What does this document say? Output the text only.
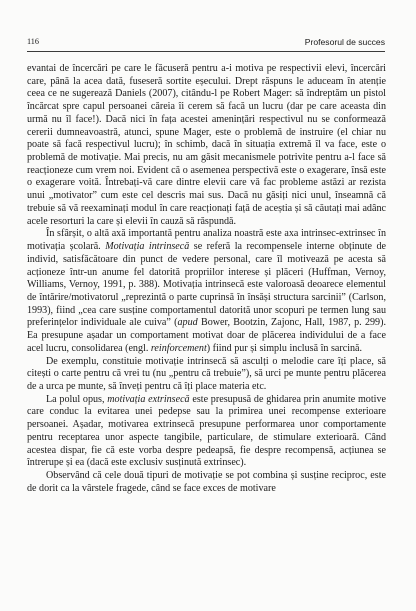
116	Profesorul de succes

evantai de încercări pe care le făcuseră pentru a-i motiva pe respectivii elevi, încercări care, până la acea dată, fuseseră sortite eșecului. Drept răspuns le aduceam în atenție ceea ce ne sugerează Daniels (2007), citându-l pe Robert Mager: să îndreptăm un pistol încărcat spre capul persoanei căreia îi cerem să facă un lucru (dar pe care aceasta din urmă nu îl face!). Dacă nici în fața acestei amenințări respectivul nu se conformează cererii dumneavoastră, atunci, spune Mager, este o problemă de instruire (el chiar nu poate să facă respectivul lucru); în schimb, dacă în situația extremă îl va face, este o problemă de motivație. Mai precis, nu am găsit mecanismele potrivite pentru a-l face să reacționeze cum vrem noi. Evident că o asemenea perspectivă este o exagerare, însă este o exagerare voită. Întrebați-vă care dintre elevii care vă fac probleme astăzi ar rezista unui „motivator” cum este cel descris mai sus. Dacă nu găsiți nici unul, înseamnă că trebuie să vă reexaminați modul în care reacționați față de aceștia și să căutați mai adânc acele resorturi la care și elevii în cauză să răspundă.

În sfârșit, o altă axă importantă pentru analiza noastră este axa intrinsec-extrinsec în motivația școlară. Motivația intrinsecă se referă la recompensele interne obținute de individ, satisfăcătoare din punct de vedere personal, care îl motivează pe acesta să acționeze într-un anume fel datorită propriilor interese și plăceri (Huffman, Vernoy, Williams, Vernoy, 1991, p. 388). Motivația intrinsecă este valoroasă deoarece elementul de întărire/motivatorul „reprezintă o parte cuprinsă în însăși structura sarcinii” (Carlson, 1993), fiind „cea care susține comportamentul datorită unor scopuri pe termen lung sau preferințelor individuale ale cuiva” (apud Bower, Bootzin, Zajonc, Hall, 1987, p. 299). Ea presupune așadar un comportament motivat doar de plăcerea individului de a face acel lucru, consolidarea (engl. reinforcement) fiind pur și simplu inclusă în sarcină.

De exemplu, constituie motivație intrinsecă să asculți o melodie care îți place, să citești o carte pentru că vrei tu (nu „pentru că trebuie”), să urci pe munte pentru plăcerea de a urca pe munte, să înveți pentru că îți place materia etc.

La polul opus, motivația extrinsecă este presupusă de ghidarea prin anumite motive care conduc la evitarea unei pedepse sau la primirea unei recompense exterioare persoanei. Așadar, motivarea extrinsecă presupune performarea unor comportamente pentru receptarea unor aspecte tangibile, particulare, de stimulare exterioară. Când acestea dispar, fie că este vorba despre pedeapsă, fie despre recompensă, acțiunea se întrerupe și ea (dacă este exclusiv susținută extrinsec).

Observând că cele două tipuri de motivație se pot combina și susține reciproc, este de dorit ca la vârstele fragede, când se face exces de motivare
